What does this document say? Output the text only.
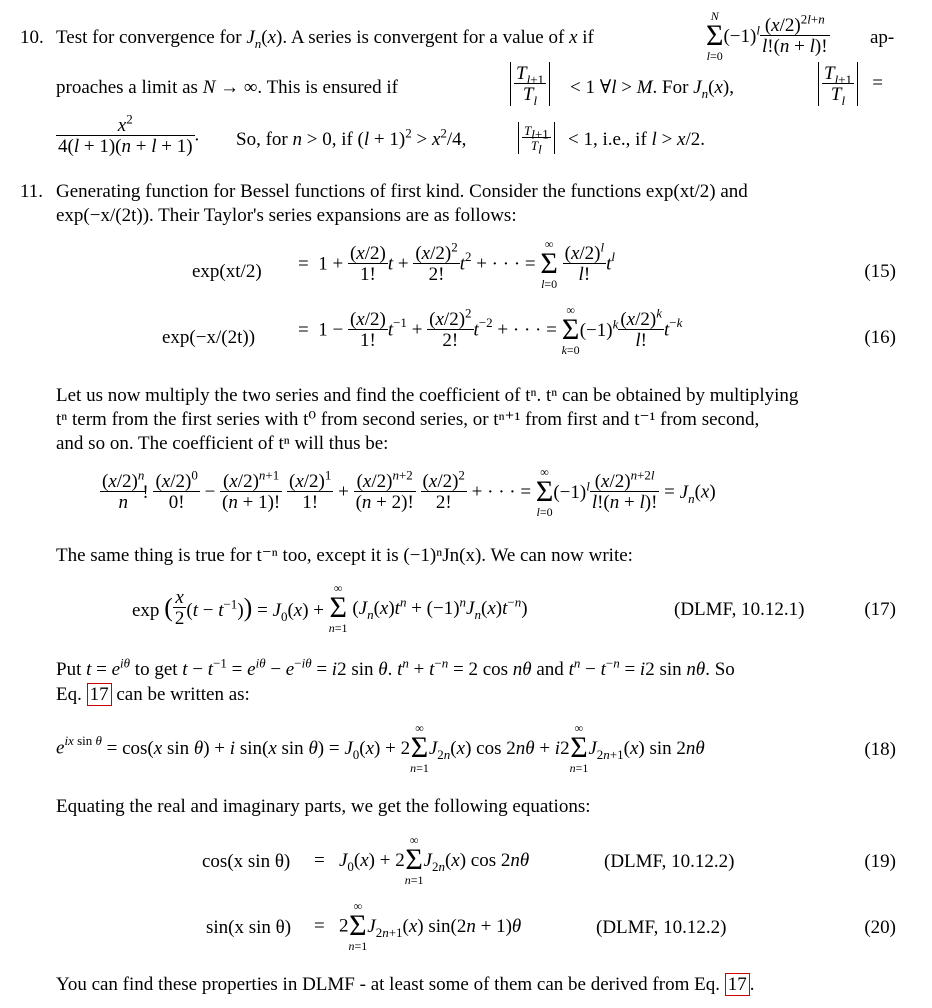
10. Test for convergence for $J_n(x)$. A series is convergent for a value of x if
N
Σ
l=0
$(-1)^l \frac{(x/2)^{2l+n}}{l!(n + l)!} ap-$
proaches a limit as N → ∞. This is ensured if	$\frac{T_{l+1}}{T_l} < 1$ ∀l > M. For $J_n(x)$,	$\frac{T_{l+1}}{T_l}$ =
$\frac{x^2}{4(l + 1)(n + l + 1)}$ . So, for n > 0, if $(l + 1)^2 > x^2/4$,	$\frac{T_{l+1}}{T_l} < 1$, i.e., if l > x/2.
11. Generating function for Bessel functions of first kind. Consider the functions exp(xt/2) and
exp(−x/(2t)). Their Taylor's series expansions are as follows:
$\exp(xt/2) = 1 + \frac{(x/2)}{1!}$ $t + \frac{(x/2)^2}{2!} t^2$ + · · · =
∞
Σ
l=0
$\frac{(x/2)^l}{l!} t^l$
(15)
$\exp(-x/(2t)) = 1 - \frac{(x/2)}{1!} t^{-1} + \frac{(x/2)^2}{2!} t^{-2}$ + · · · =
∞
Σ
k=0
$(-1)^k \frac{(x/2)^k}{l!} t^{-k}$
(16)
Let us now multiply the two series and find the coefficient of tⁿ. tⁿ can be obtained by multiplying
tⁿ term from the first series with t⁰ from second series, or tⁿ⁺¹ from first and t⁻¹ from second,
and so on. The coefficient of tⁿ will thus be:
$\frac{(x/2)^n}{n}$
! $\frac{(x/2)^0}{0!} - \frac{(x/2)^{n+1}}{(n + 1)!}$
$\frac{(x/2)^1}{1!} + \frac{(x/2)^{n+2}}{(n + 2)!}$
$\frac{(x/2)^2}{2!}$ + · · · =
∞
Σ
l=0
$(-1)^l \frac{(x/2)^{n+2l}}{l!(n + l)!} = J_n(x)$
The same thing is true for t⁻ⁿ too, except it is (−1)ⁿJn(x). We can now write:
exp ( $\frac{x}{2} (t - t^{-1})) = J_0(x)$ +
∞
Σ
n=1
$(J_n(x)t^n + (-1)^nJ_n(x)t^{-n})$	(DLMF, 10.12.1)	(17)
Put $t = e^{i\theta}$ to get $t - t^{-1} = e^{i\theta} - e^{-i\theta} = i2$ sin θ. $t^n + t^{-n} = 2$ cos nθ and $t^n - t^{-n} = i2$ sin nθ. So
Eq. 17 can be written as:
$e^{ix sin \theta} = \cos(x$ sin θ) + i sin(x $\sin \theta) = J_0(x) + 2$
∞
Σ
n=1
$J_{2n}(x)$ cos 2nθ + i2
∞
Σ
n=1
$J_{2n+1}(x)$ sin 2nθ	(18)
Equating the real and imaginary parts, we get the following equations:
cos(x $\sin \theta) = J_0(x) + 2$
∞
Σ
n=1
$J_{2n}(x)$ cos 2nθ	(DLMF, 10.12.2)	(19)
sin(x sin θ) =   2
∞
Σ
n=1
$J_{2n+1}(x) \sin(2n + 1)\theta$	(DLMF, 10.12.2)	(20)
You can find these properties in DLMF - at least some of them can be derived from Eq. 17 .
